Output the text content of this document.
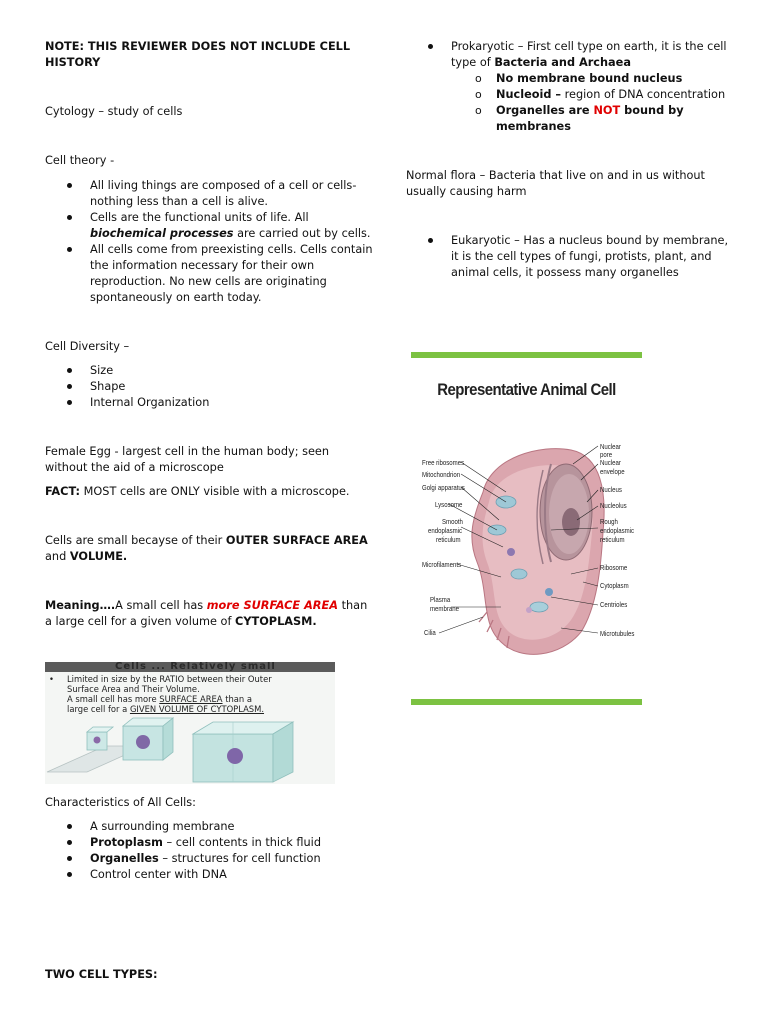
NOTE: THIS REVIEWER DOES NOT INCLUDE CELL HISTORY

Cytology – study of cells

Cell theory -

All living things are composed of a cell or cells- nothing less than a cell is alive.
Cells are the functional units of life. All biochemical processes are carried out by cells.
All cells come from preexisting cells. Cells contain the information necessary for their own reproduction. No new cells are originating spontaneously on earth today.

Cell Diversity –

Size
Shape
Internal Organization

Female Egg - largest cell in the human body; seen without the aid of a microscope

FACT: MOST cells are ONLY visible with a microscope.

Cells are small becayse of their OUTER SURFACE AREA and VOLUME.

Meaning….A small cell has more SURFACE AREA than a large cell for a given volume of CYTOPLASM.

Cells ... Relatively small
• Limited in size by the RATIO between their Outer
Surface Area and Their Volume.
A small cell has more SURFACE AREA than a
large cell for a GIVEN VOLUME OF CYTOPLASM.

Characteristics of All Cells:

A surrounding membrane
Protoplasm – cell contents in thick fluid
Organelles – structures for cell function
Control center with DNA

TWO CELL TYPES:

Prokaryotic – First cell type on earth, it is the cell type of Bacteria and Archaea
o No membrane bound nucleus
o Nucleoid – region of DNA concentration
o Organelles are NOT bound by membranes

Normal flora – Bacteria that live on and in us without usually causing harm

Eukaryotic – Has a nucleus bound by membrane, it is the cell types of fungi, protists, plant, and animal cells, it possess many organelles
Representative Animal Cell
Free ribosomes
Mitochondrion
Golgi apparatus
Lysosome
Smooth
endoplasmic
reticulum
Microfilaments
Plasma
membrane
Cilia
Nuclear pore
Nuclear
envelope
Nucleus
Nucleolus
Rough
endoplasmic
reticulum
Ribosome
Cytoplasm
Centrioles
Microtubules
